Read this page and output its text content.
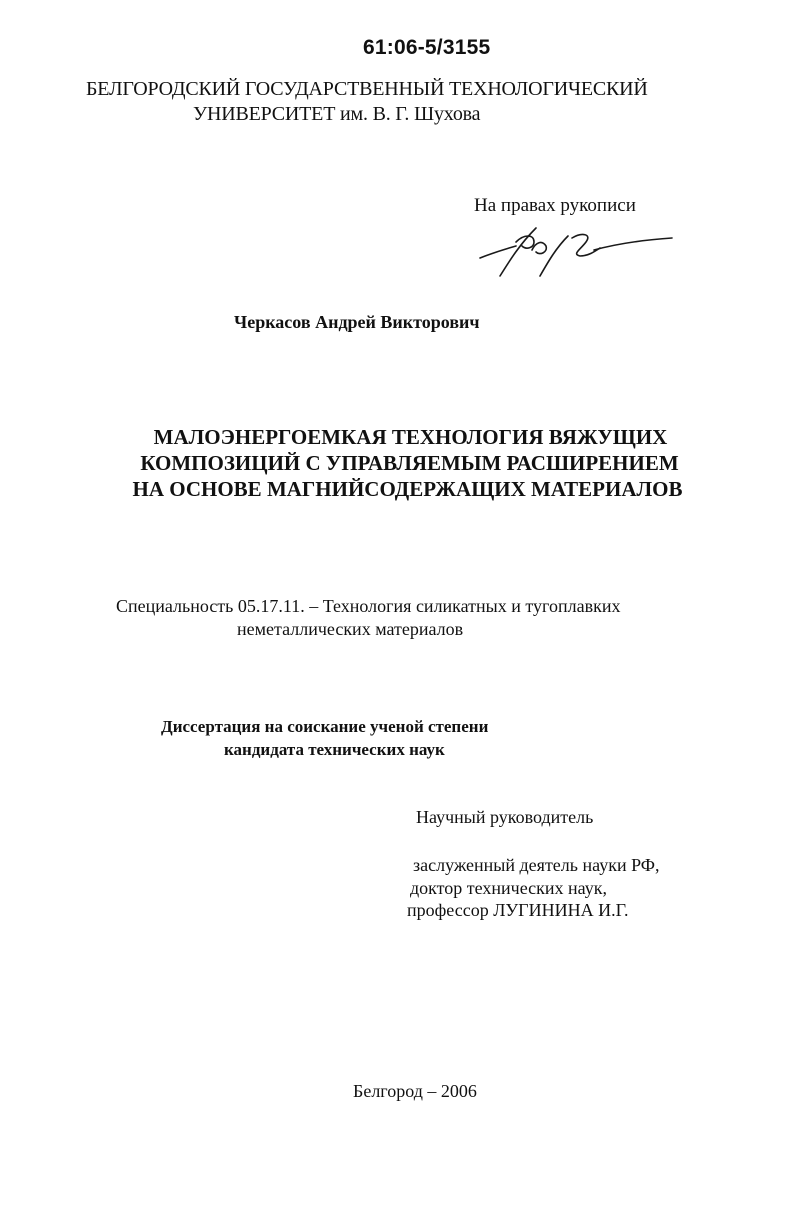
61:06-5/3155
БЕЛГОРОДСКИЙ ГОСУДАРСТВЕННЫЙ ТЕХНОЛОГИЧЕСКИЙ
УНИВЕРСИТЕТ им. В. Г. Шухова
На правах рукописи
Черкасов Андрей Викторович
МАЛОЭНЕРГОЕМКАЯ ТЕХНОЛОГИЯ ВЯЖУЩИХ
КОМПОЗИЦИЙ С УПРАВЛЯЕМЫМ РАСШИРЕНИЕМ
НА ОСНОВЕ МАГНИЙСОДЕРЖАЩИХ МАТЕРИАЛОВ
Специальность 05.17.11. – Технология силикатных и тугоплавких
неметаллических материалов
Диссертация на соискание ученой степени
кандидата технических наук
Научный руководитель
заслуженный деятель науки РФ,
доктор технических наук,
профессор ЛУГИНИНА И.Г.
Белгород – 2006
